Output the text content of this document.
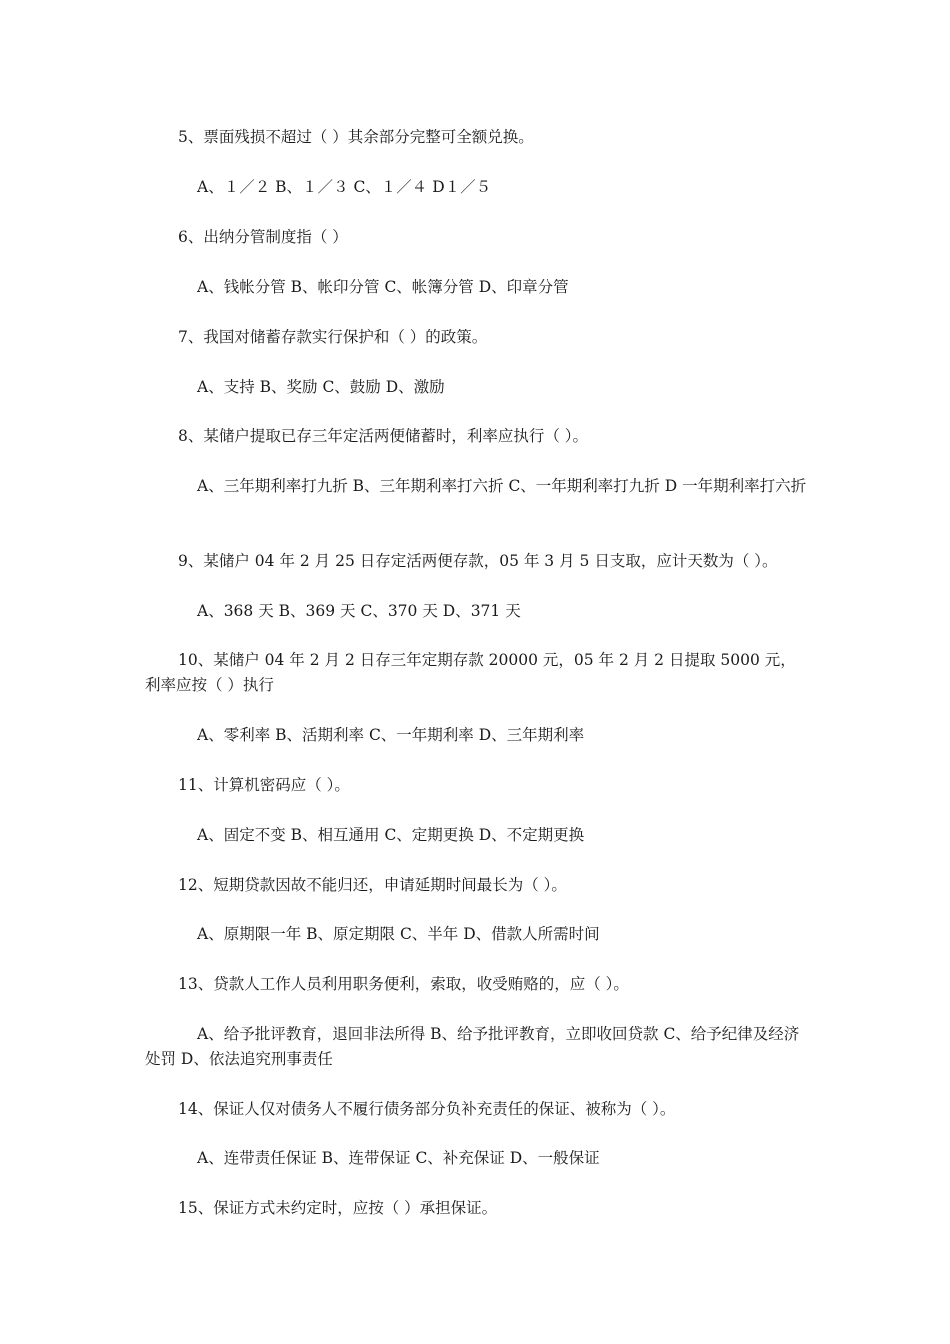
5、票面残损不超过（ ）其余部分完整可全额兑换。

A、１／２ B、１／３ C、１／４ D１／５

6、出纳分管制度指（ ）

A、钱帐分管 B、帐印分管 C、帐簿分管 D、印章分管

7、我国对储蓄存款实行保护和（ ）的政策。

A、支持 B、奖励 C、鼓励 D、激励

8、某储户提取已存三年定活两便储蓄时，利率应执行（ ）。

A、三年期利率打九折 B、三年期利率打六折 C、一年期利率打九折 D 一年期利率打六折

9、某储户 04 年 2 月 25 日存定活两便存款，05 年 3 月 5 日支取，应计天数为（ ）。

A、368 天 B、369 天 C、370 天 D、371 天

10、某储户 04 年 2 月 2 日存三年定期存款 20000 元，05 年 2 月 2 日提取 5000 元，利率应按（ ）执行

A、零利率 B、活期利率 C、一年期利率 D、三年期利率

11、计算机密码应（ ）。

A、固定不变 B、相互通用 C、定期更换 D、不定期更换

12、短期贷款因故不能归还，申请延期时间最长为（ ）。

A、原期限一年 B、原定期限 C、半年 D、借款人所需时间

13、贷款人工作人员利用职务便利，索取，收受贿赂的，应（ ）。

A、给予批评教育，退回非法所得 B、给予批评教育，立即收回贷款 C、给予纪律及经济处罚 D、依法追究刑事责任

14、保证人仅对债务人不履行债务部分负补充责任的保证、被称为（ ）。

A、连带责任保证 B、连带保证 C、补充保证 D、一般保证

15、保证方式未约定时，应按（ ）承担保证。
